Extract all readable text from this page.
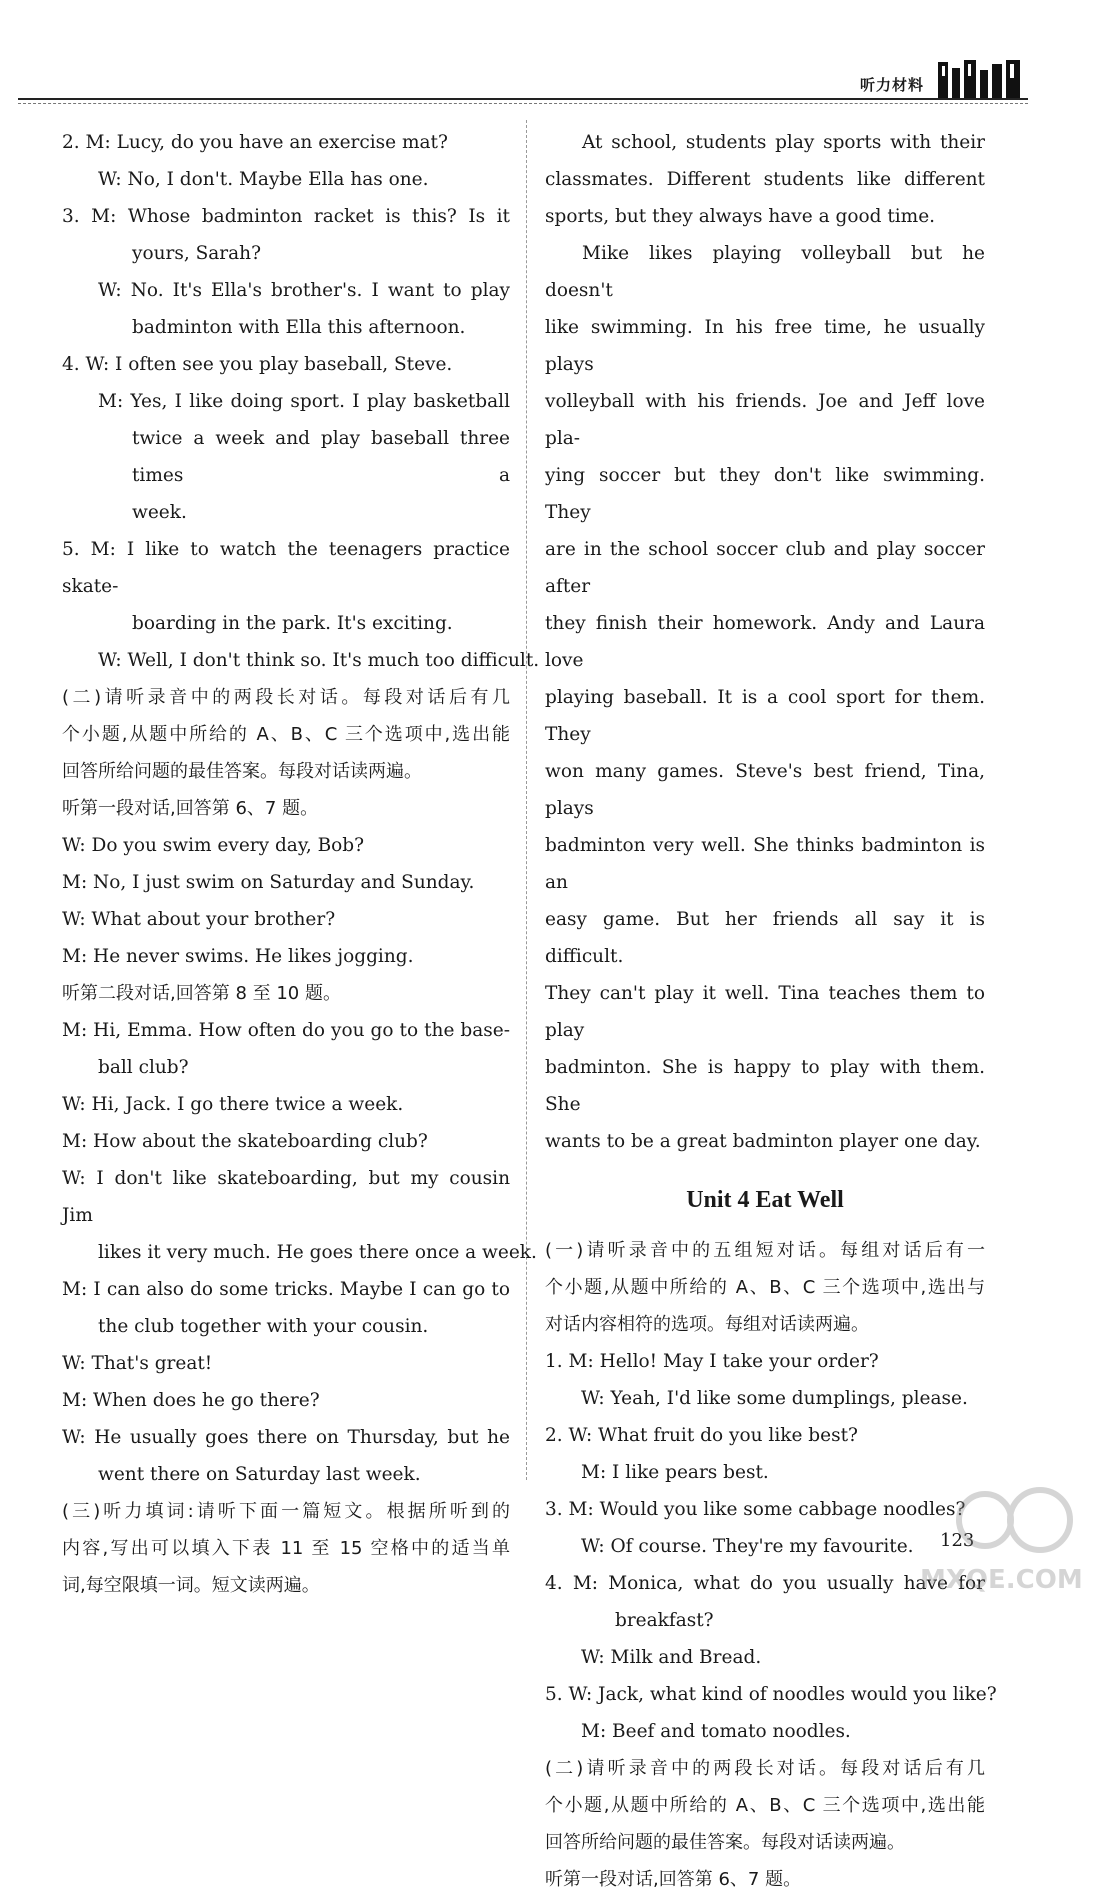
听力材料
2. M: Lucy, do you have an exercise mat?
W: No, I don't. Maybe Ella has one.
3. M: Whose badminton racket is this? Is it
yours, Sarah?
W: No. It's Ella's brother's. I want to play
badminton with Ella this afternoon.
4. W: I often see you play baseball, Steve.
M: Yes, I like doing sport. I play basketball
twice a week and play baseball three times a
week.
5. M: I like to watch the teenagers practice skate-
boarding in the park. It's exciting.
W: Well, I don't think so. It's much too difficult.
(二)请听录音中的两段长对话。每段对话后有几
个小题,从题中所给的 A、B、C 三个选项中,选出能
回答所给问题的最佳答案。每段对话读两遍。
听第一段对话,回答第 6、7 题。
W: Do you swim every day, Bob?
M: No, I just swim on Saturday and Sunday.
W: What about your brother?
M: He never swims. He likes jogging.
听第二段对话,回答第 8 至 10 题。
M: Hi, Emma. How often do you go to the base-
ball club?
W: Hi, Jack. I go there twice a week.
M: How about the skateboarding club?
W: I don't like skateboarding, but my cousin Jim
likes it very much. He goes there once a week.
M: I can also do some tricks. Maybe I can go to
the club together with your cousin.
W: That's great!
M: When does he go there?
W: He usually goes there on Thursday, but he
went there on Saturday last week.
(三)听力填词:请听下面一篇短文。根据所听到的
内容,写出可以填入下表 11 至 15 空格中的适当单
词,每空限填一词。短文读两遍。
At school, students play sports with their
classmates. Different students like different
sports, but they always have a good time.
Mike likes playing volleyball but he doesn't
like swimming. In his free time, he usually plays
volleyball with his friends. Joe and Jeff love pla-
ying soccer but they don't like swimming. They
are in the school soccer club and play soccer after
they finish their homework. Andy and Laura love
playing baseball. It is a cool sport for them. They
won many games. Steve's best friend, Tina, plays
badminton very well. She thinks badminton is an
easy game. But her friends all say it is difficult.
They can't play it well. Tina teaches them to play
badminton. She is happy to play with them. She
wants to be a great badminton player one day.
Unit 4 Eat Well
(一)请听录音中的五组短对话。每组对话后有一
个小题,从题中所给的 A、B、C 三个选项中,选出与
对话内容相符的选项。每组对话读两遍。
1. M: Hello! May I take your order?
W: Yeah, I'd like some dumplings, please.
2. W: What fruit do you like best?
M: I like pears best.
3. M: Would you like some cabbage noodles?
W: Of course. They're my favourite.
4. M: Monica, what do you usually have for
breakfast?
W: Milk and Bread.
5. W: Jack, what kind of noodles would you like?
M: Beef and tomato noodles.
(二)请听录音中的两段长对话。每段对话后有几
个小题,从题中所给的 A、B、C 三个选项中,选出能
回答所给问题的最佳答案。每段对话读两遍。
听第一段对话,回答第 6、7 题。
123
MXQE.COM
